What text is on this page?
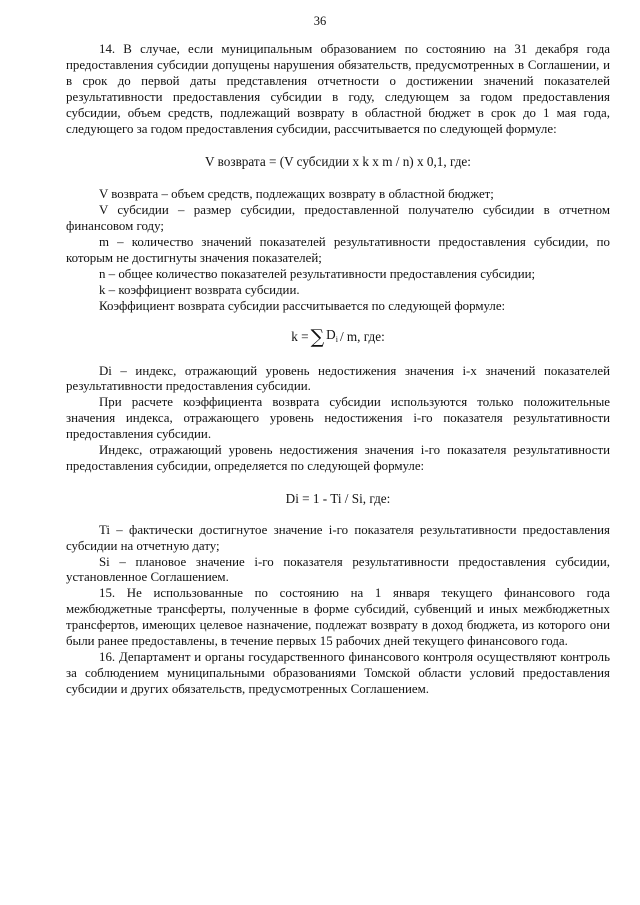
36

14. В случае, если муниципальным образованием по состоянию на 31 декабря года предоставления субсидии допущены нарушения обязательств, предусмотренных в Соглашении, и в срок до первой даты представления отчетности о достижении значений показателей результативности предоставления субсидии в году, следующем за годом предоставления субсидии, объем средств, подлежащий возврату в областной бюджет в срок до 1 мая года, следующего за годом предоставления субсидии, рассчитывается по следующей формуле:

V возврата = (V субсидии x k x m / n) x 0,1, где:

V возврата – объем средств, подлежащих возврату в областной бюджет;

V субсидии – размер субсидии, предоставленной получателю субсидии в отчетном финансовом году;

m – количество значений показателей результативности предоставления субсидии, по которым не достигнуты значения показателей;

n – общее количество показателей результативности предоставления субсидии;

k – коэффициент возврата субсидии.

Коэффициент возврата субсидии рассчитывается по следующей формуле:

k = ∑ $D_i$ / m, где:

Di – индекс, отражающий уровень недостижения значения i-х значений показателей результативности предоставления субсидии.

При расчете коэффициента возврата субсидии используются только положительные значения индекса, отражающего уровень недостижения i-го показателя результативности предоставления субсидии.

Индекс, отражающий уровень недостижения значения i-го показателя результативности предоставления субсидии, определяется по следующей формуле:

Di = 1 - Ti / Si, где:

Ti – фактически достигнутое значение i-го показателя результативности предоставления субсидии на отчетную дату;

Si – плановое значение i-го показателя результативности предоставления субсидии, установленное Соглашением.

15. Не использованные по состоянию на 1 января текущего финансового года межбюджетные трансферты, полученные в форме субсидий, субвенций и иных межбюджетных трансфертов, имеющих целевое назначение, подлежат возврату в доход бюджета, из которого они были ранее предоставлены, в течение первых 15 рабочих дней текущего финансового года.

16. Департамент и органы государственного финансового контроля осуществляют контроль за соблюдением муниципальными образованиями Томской области условий предоставления субсидии и других обязательств, предусмотренных Соглашением.
